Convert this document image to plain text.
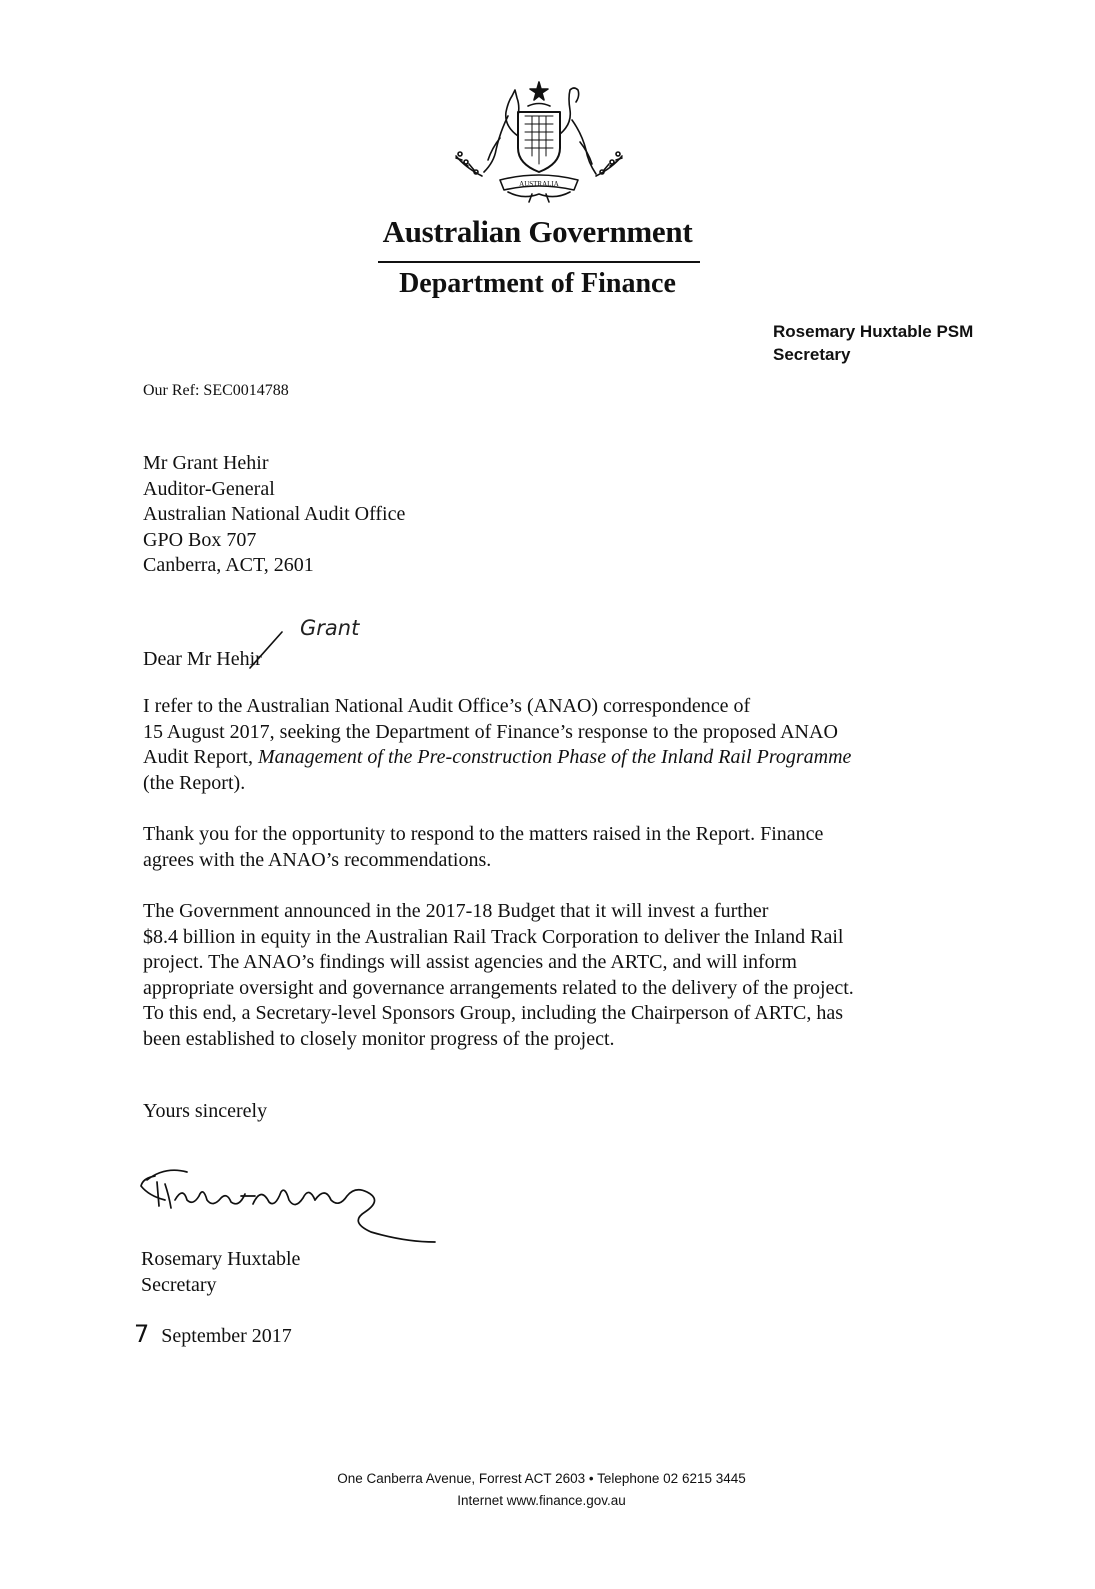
AUSTRALIA
Australian Government
Department of Finance
Rosemary Huxtable PSM
Secretary
Our Ref: SEC0014788
Mr Grant Hehir
Auditor-General
Australian National Audit Office
GPO Box 707
Canberra, ACT, 2601
Dear Mr Hehir
Grant
I refer to the Australian National Audit Office’s (ANAO) correspondence of
15 August 2017, seeking the Department of Finance’s response to the proposed ANAO
Audit Report, Management of the Pre-construction Phase of the Inland Rail Programme
(the Report).
Thank you for the opportunity to respond to the matters raised in the Report. Finance
agrees with the ANAO’s recommendations.
The Government announced in the 2017-18 Budget that it will invest a further
$8.4 billion in equity in the Australian Rail Track Corporation to deliver the Inland Rail
project. The ANAO’s findings will assist agencies and the ARTC, and will inform
appropriate oversight and governance arrangements related to the delivery of the project.
To this end, a Secretary-level Sponsors Group, including the Chairperson of ARTC, has
been established to closely monitor progress of the project.
Yours sincerely
Rosemary Huxtable
Secretary
7 September 2017
One Canberra Avenue, Forrest ACT 2603 • Telephone 02 6215 3445
Internet www.finance.gov.au
